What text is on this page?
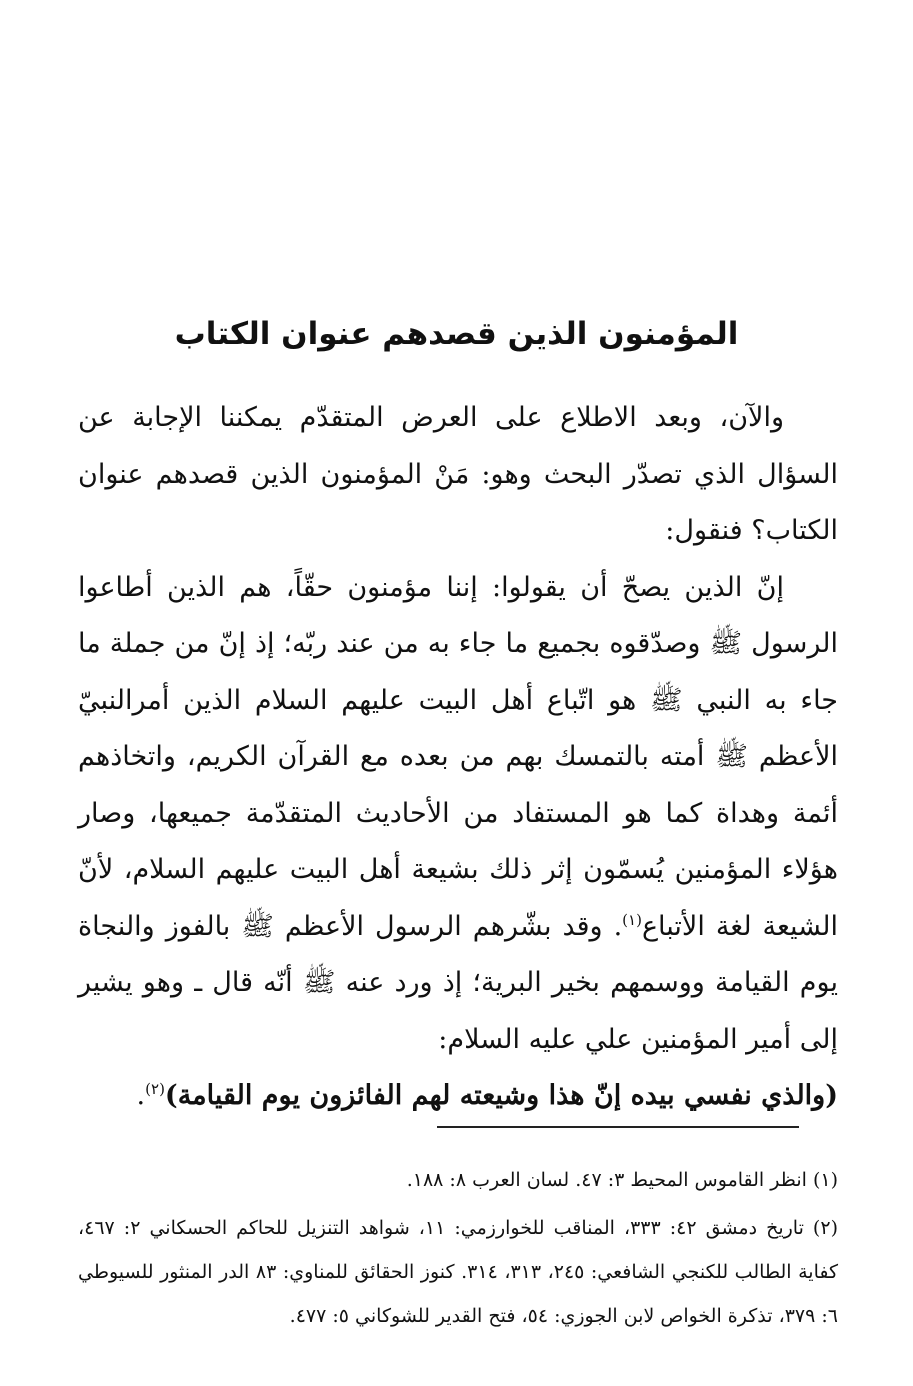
المؤمنون الذين قصدهم عنوان الكتاب

والآن، وبعد الاطلاع على العرض المتقدّم يمكننا الإجابة عن السؤال الذي تصدّر البحث وهو: مَنْ المؤمنون الذين قصدهم عنوان الكتاب؟ فنقول:

إنّ الذين يصحّ أن يقولوا: إننا مؤمنون حقّاً، هم الذين أطاعوا الرسول ﷺ وصدّقوه بجميع ما جاء به من عند ربّه؛ إذ إنّ من جملة ما جاء به النبي ﷺ هو اتّباع أهل البيت عليهم السلام الذين أمرالنبيّ الأعظم ﷺ أمته بالتمسك بهم من بعده مع القرآن الكريم، واتخاذهم أئمة وهداة كما هو المستفاد من الأحاديث المتقدّمة جميعها، وصار هؤلاء المؤمنين يُسمّون إثر ذلك بشيعة أهل البيت عليهم السلام، لأنّ الشيعة لغة الأتباع$^{(١)}$. وقد بشّرهم الرسول الأعظم ﷺ بالفوز والنجاة يوم القيامة ووسمهم بخير البرية؛ إذ ورد عنه ﷺ أنّه قال ـ وهو يشير إلى أمير المؤمنين علي عليه السلام:

(والذي نفسي بيده إنّ هذا وشيعته لهم الفائزون يوم القيامة)$^{(٢)}$.

(١) انظر القاموس المحيط ٣: ٤٧. لسان العرب ٨: ١٨٨.

(٢) تاريخ دمشق ٤٢: ٣٣٣، المناقب للخوارزمي: ١١، شواهد التنزيل للحاكم الحسكاني ٢: ٤٦٧، كفاية الطالب للكنجي الشافعي: ٢٤٥، ٣١٣، ٣١٤. كنوز الحقائق للمناوي: ٨٣ الدر المنثور للسيوطي ٦: ٣٧٩، تذكرة الخواص لابن الجوزي: ٥٤، فتح القدير للشوكاني ٥: ٤٧٧.
